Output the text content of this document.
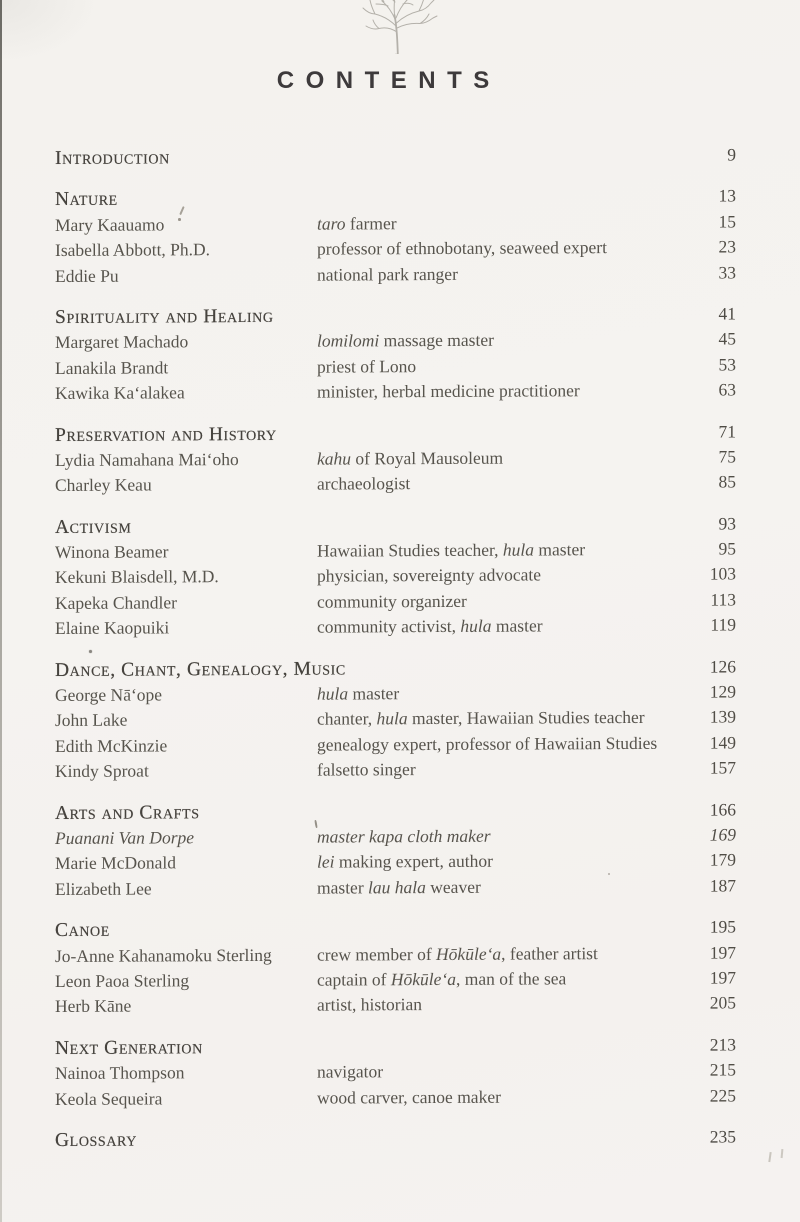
CONTENTS
Introduction	9
Nature	13
Mary Kaauamo	taro farmer	15
Isabella Abbott, Ph.D.	professor of ethnobotany, seaweed expert	23
Eddie Pu	national park ranger	33
Spirituality and Healing	41
Margaret Machado	lomilomi massage master	45
Lanakila Brandt	priest of Lono	53
Kawika Ka‘alakea	minister, herbal medicine practitioner	63
Preservation and History	71
Lydia Namahana Mai‘oho	kahu of Royal Mausoleum	75
Charley Keau	archaeologist	85
Activism	93
Winona Beamer	Hawaiian Studies teacher, hula master	95
Kekuni Blaisdell, M.D.	physician, sovereignty advocate	103
Kapeka Chandler	community organizer	113
Elaine Kaopuiki	community activist, hula master	119
Dance, Chant, Genealogy, Music	126
George Nā‘ope	hula master	129
John Lake	chanter, hula master, Hawaiian Studies teacher	139
Edith McKinzie	genealogy expert, professor of Hawaiian Studies	149
Kindy Sproat	falsetto singer	157
Arts and Crafts	166
Puanani Van Dorpe	master kapa cloth maker	169
Marie McDonald	lei making expert, author	179
Elizabeth Lee	master lau hala weaver	187
Canoe	195
Jo-Anne Kahanamoku Sterling	crew member of Hōkūle‘a, feather artist	197
Leon Paoa Sterling	captain of Hōkūle‘a, man of the sea	197
Herb Kāne	artist, historian	205
Next Generation	213
Nainoa Thompson	navigator	215
Keola Sequeira	wood carver, canoe maker	225
Glossary	235
